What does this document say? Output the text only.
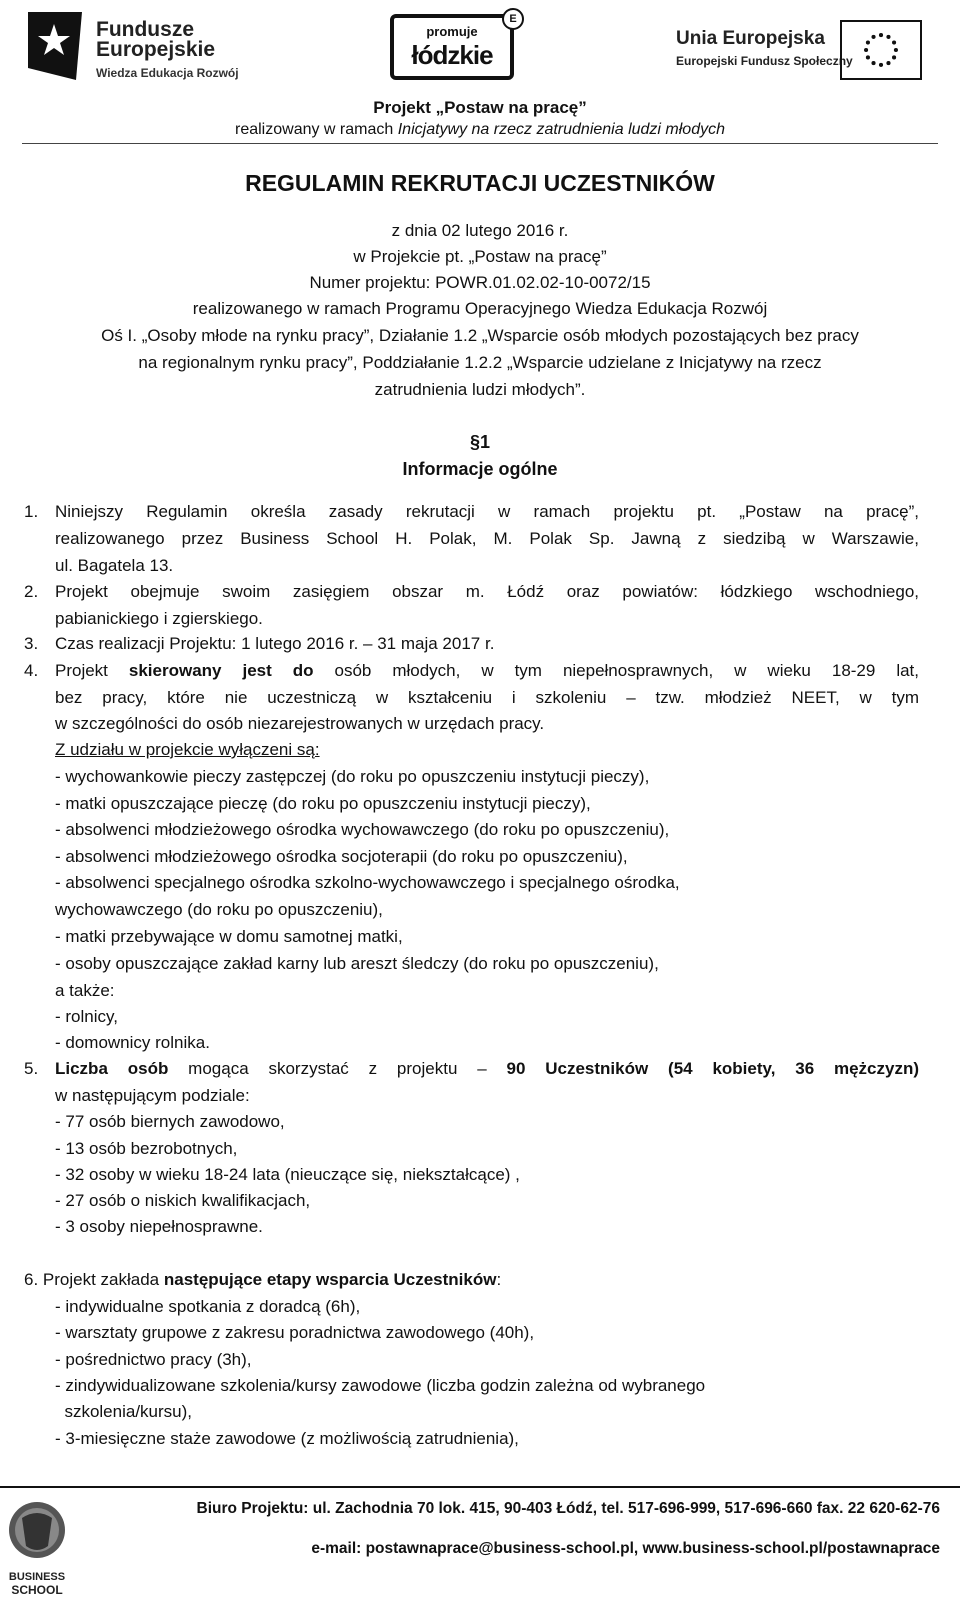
Fundusze
Europejskie
Wiedza Edukacja Rozwój
promuje
łódzkie
E
Unia Europejska
Europejski Fundusz Społeczny
Projekt „Postaw na pracę”
realizowany w ramach Inicjatywy na rzecz zatrudnienia ludzi młodych
REGULAMIN REKRUTACJI UCZESTNIKÓW
z dnia 02 lutego 2016 r.
w Projekcie pt. „Postaw na pracę”
Numer projektu: POWR.01.02.02-10-0072/15
realizowanego w ramach Programu Operacyjnego Wiedza Edukacja Rozwój
Oś I. „Osoby młode na rynku pracy”, Działanie 1.2 „Wsparcie osób młodych pozostających bez pracy
na regionalnym rynku pracy”, Poddziałanie 1.2.2 „Wsparcie udzielane z Inicjatywy na rzecz
zatrudnienia ludzi młodych”.
§1
Informacje ogólne
1. Niniejszy Regulamin określa zasady rekrutacji w ramach projektu pt. „Postaw na pracę”,
realizowanego przez Business School H. Polak, M. Polak Sp. Jawną z siedzibą w Warszawie,
ul. Bagatela 13.
2. Projekt obejmuje swoim zasięgiem obszar m. Łódź oraz powiatów: łódzkiego wschodniego,
pabianickiego i zgierskiego.
3. Czas realizacji Projektu: 1 lutego 2016 r. – 31 maja 2017 r.
4. Projekt skierowany jest do osób młodych, w tym niepełnosprawnych, w wieku 18-29 lat,
bez pracy, które nie uczestniczą w kształceniu i szkoleniu – tzw. młodzież NEET, w tym
w szczególności do osób niezarejestrowanych w urzędach pracy.
Z udziału w projekcie wyłączeni są:
- wychowankowie pieczy zastępczej (do roku po opuszczeniu instytucji pieczy),
- matki opuszczające pieczę (do roku po opuszczeniu instytucji pieczy),
- absolwenci młodzieżowego ośrodka wychowawczego (do roku po opuszczeniu),
- absolwenci młodzieżowego ośrodka socjoterapii (do roku po opuszczeniu),
- absolwenci specjalnego ośrodka szkolno-wychowawczego i specjalnego ośrodka,
wychowawczego (do roku po opuszczeniu),
- matki przebywające w domu samotnej matki,
- osoby opuszczające zakład karny lub areszt śledczy (do roku po opuszczeniu),
a także:
- rolnicy,
- domownicy rolnika.
5. Liczba osób mogąca skorzystać z projektu – 90 Uczestników (54 kobiety, 36 mężczyzn)
w następującym podziale:
- 77 osób biernych zawodowo,
- 13 osób bezrobotnych,
- 32 osoby w wieku 18-24 lata (nieuczące się, niekształcące) ,
- 27 osób o niskich kwalifikacjach,
- 3 osoby niepełnosprawne.
6. Projekt zakłada następujące etapy wsparcia Uczestników:
- indywidualne spotkania z doradcą (6h),
- warsztaty grupowe z zakresu poradnictwa zawodowego (40h),
- pośrednictwo pracy (3h),
- zindywidualizowane szkolenia/kursy zawodowe (liczba godzin zależna od wybranego
szkolenia/kursu),
- 3-miesięczne staże zawodowe (z możliwością zatrudnienia),
BUSINESS
SCHOOL
Biuro Projektu: ul. Zachodnia 70 lok. 415, 90-403 Łódź, tel. 517-696-999, 517-696-660 fax. 22 620-62-76
e-mail: postawnaprace@business-school.pl, www.business-school.pl/postawnaprace
